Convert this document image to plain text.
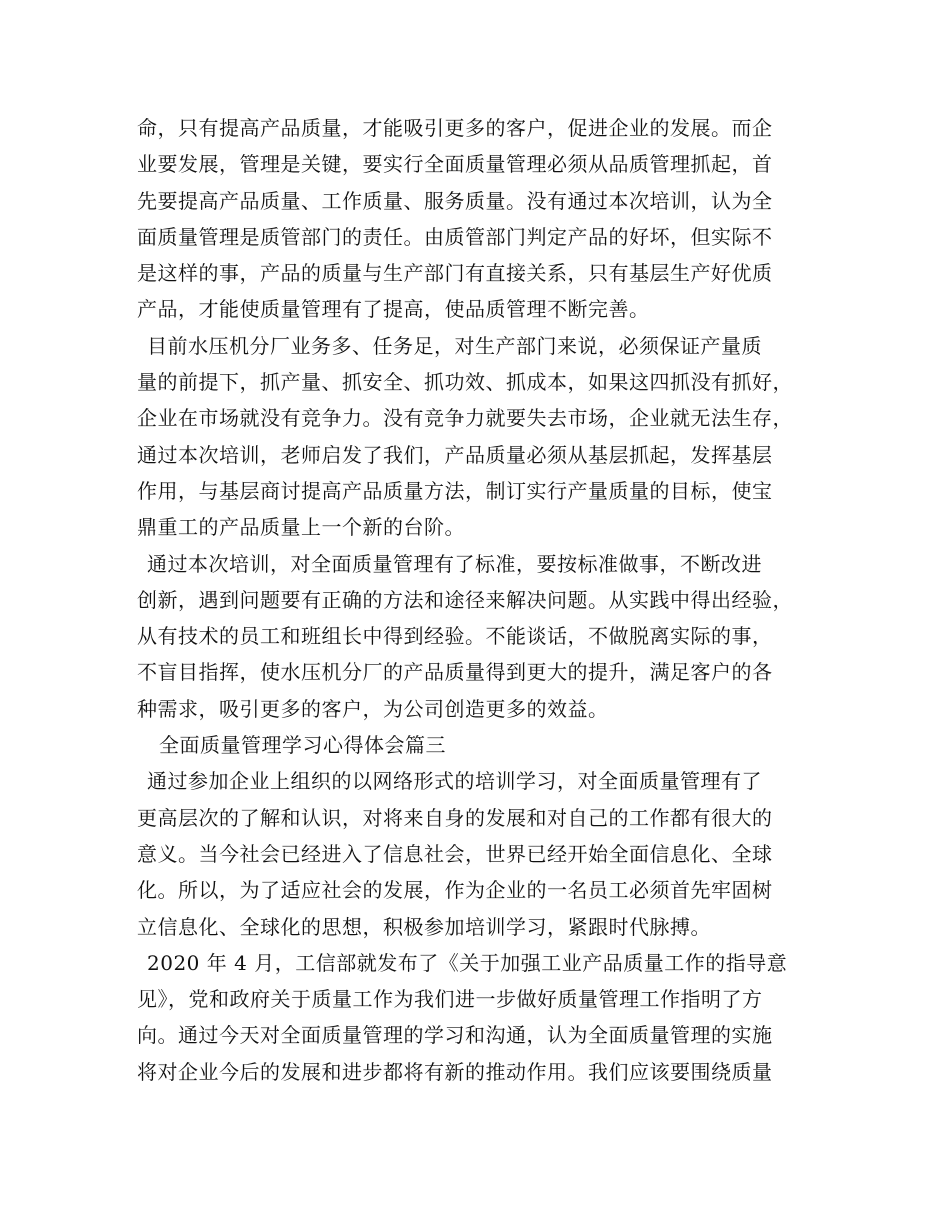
命，只有提高产品质量，才能吸引更多的客户，促进企业的发展。而企
业要发展，管理是关键，要实行全面质量管理必须从品质管理抓起，首
先要提高产品质量、工作质量、服务质量。没有通过本次培训，认为全
面质量管理是质管部门的责任。由质管部门判定产品的好坏，但实际不
是这样的事，产品的质量与生产部门有直接关系，只有基层生产好优质
产品，才能使质量管理有了提高，使品质管理不断完善。
目前水压机分厂业务多、任务足，对生产部门来说，必须保证产量质
量的前提下，抓产量、抓安全、抓功效、抓成本，如果这四抓没有抓好，
企业在市场就没有竞争力。没有竞争力就要失去市场，企业就无法生存，
通过本次培训，老师启发了我们，产品质量必须从基层抓起，发挥基层
作用，与基层商讨提高产品质量方法，制订实行产量质量的目标，使宝
鼎重工的产品质量上一个新的台阶。
通过本次培训，对全面质量管理有了标准，要按标准做事，不断改进
创新，遇到问题要有正确的方法和途径来解决问题。从实践中得出经验，
从有技术的员工和班组长中得到经验。不能谈话，不做脱离实际的事，
不盲目指挥，使水压机分厂的产品质量得到更大的提升，满足客户的各
种需求，吸引更多的客户，为公司创造更多的效益。
全面质量管理学习心得体会篇三
通过参加企业上组织的以网络形式的培训学习，对全面质量管理有了
更高层次的了解和认识，对将来自身的发展和对自己的工作都有很大的
意义。当今社会已经进入了信息社会，世界已经开始全面信息化、全球
化。所以，为了适应社会的发展，作为企业的一名员工必须首先牢固树
立信息化、全球化的思想，积极参加培训学习，紧跟时代脉搏。
2020 年 4 月，工信部就发布了《关于加强工业产品质量工作的指导意
见》，党和政府关于质量工作为我们进一步做好质量管理工作指明了方
向。通过今天对全面质量管理的学习和沟通，认为全面质量管理的实施
将对企业今后的发展和进步都将有新的推动作用。我们应该要围绕质量
